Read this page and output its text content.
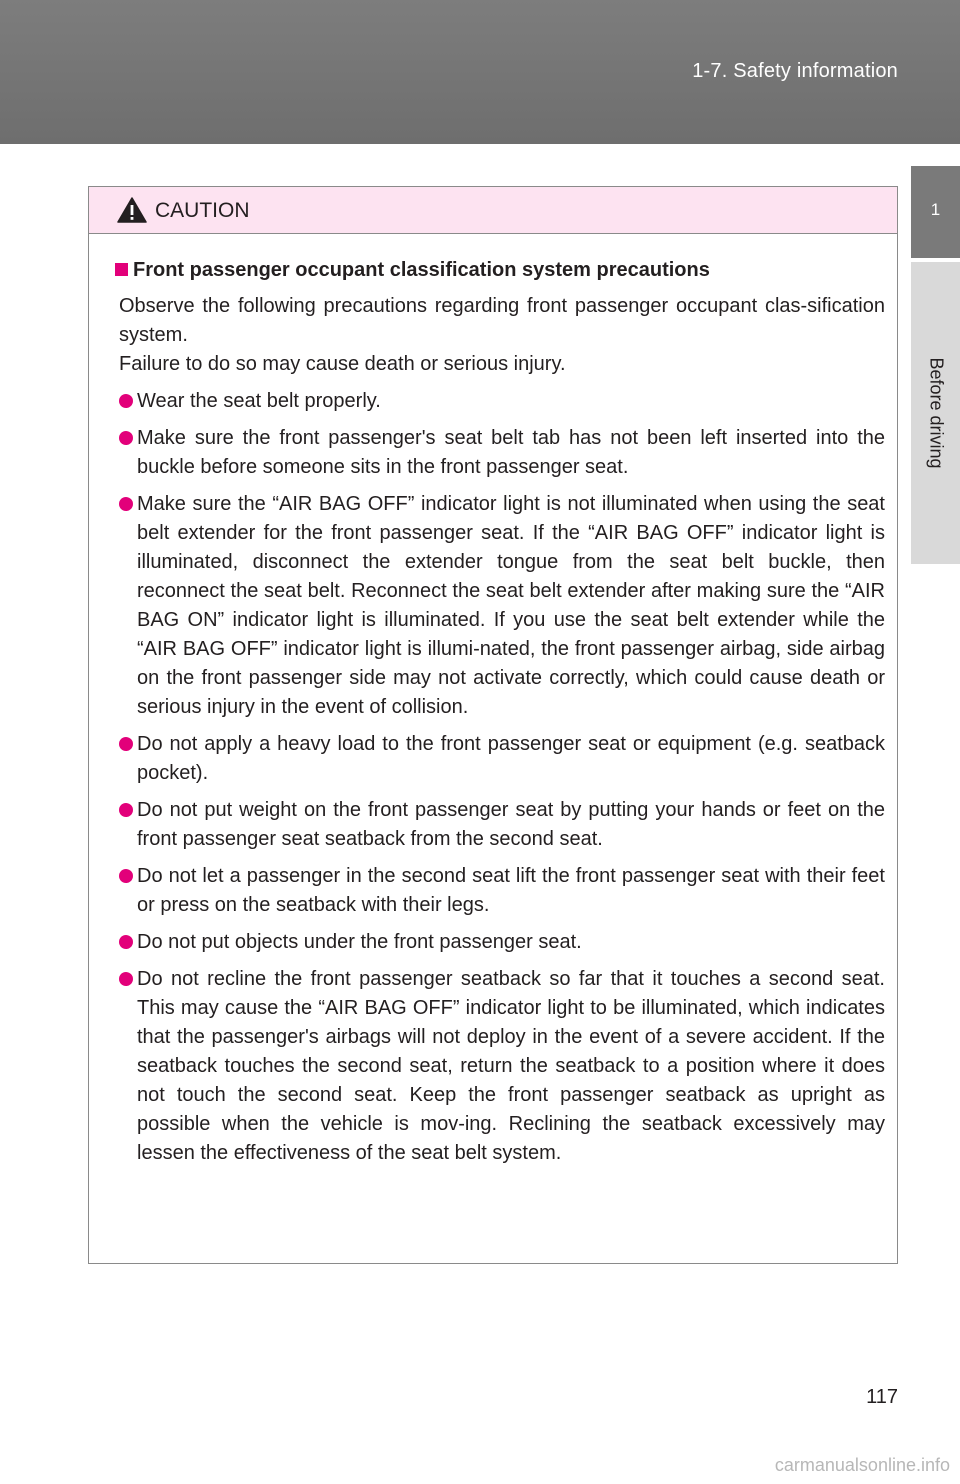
1-7. Safety information
1
Before driving
CAUTION
Front passenger occupant classification system precautions

Observe the following precautions regarding front passenger occupant clas-sification system.

Failure to do so may cause death or serious injury.

Wear the seat belt properly.
Make sure the front passenger's seat belt tab has not been left inserted into the buckle before someone sits in the front passenger seat.
Make sure the “AIR BAG OFF” indicator light is not illuminated when using the seat belt extender for the front passenger seat. If the “AIR BAG OFF” indicator light is illuminated, disconnect the extender tongue from the seat belt buckle, then reconnect the seat belt. Reconnect the seat belt extender after making sure the “AIR BAG ON” indicator light is illuminated. If you use the seat belt extender while the “AIR BAG OFF” indicator light is illumi-nated, the front passenger airbag, side airbag on the front passenger side may not activate correctly, which could cause death or serious injury in the event of collision.
Do not apply a heavy load to the front passenger seat or equipment (e.g. seatback pocket).
Do not put weight on the front passenger seat by putting your hands or feet on the front passenger seat seatback from the second seat.
Do not let a passenger in the second seat lift the front passenger seat with their feet or press on the seatback with their legs.
Do not put objects under the front passenger seat.
Do not recline the front passenger seatback so far that it touches a second seat. This may cause the “AIR BAG OFF” indicator light to be illuminated, which indicates that the passenger's airbags will not deploy in the event of a severe accident. If the seatback touches the second seat, return the seatback to a position where it does not touch the second seat. Keep the front passenger seatback as upright as possible when the vehicle is mov-ing. Reclining the seatback excessively may lessen the effectiveness of the seat belt system.
117
carmanualsonline.info
